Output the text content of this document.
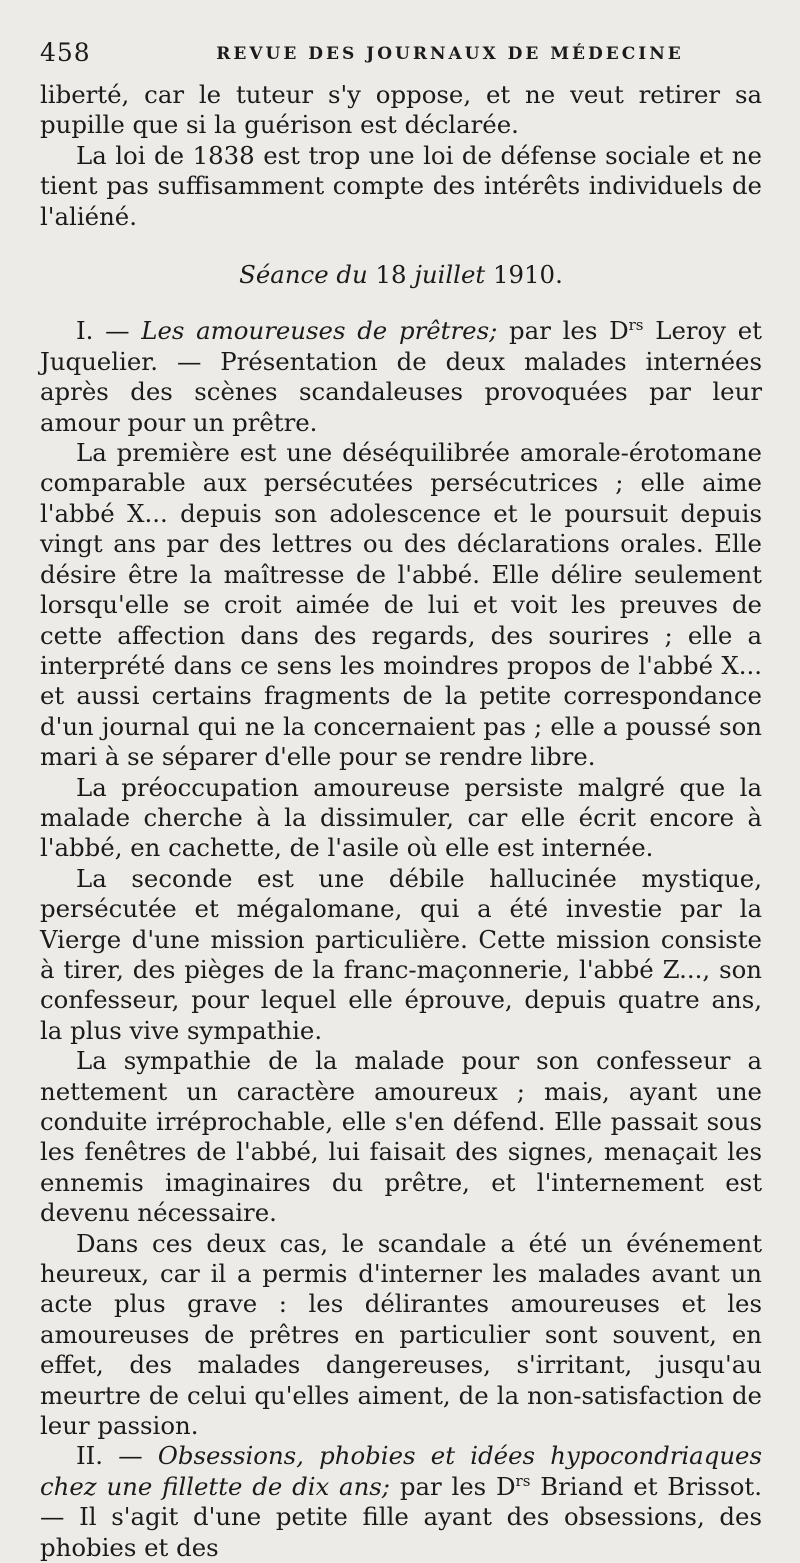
458	REVUE DES JOURNAUX DE MÉDECINE

liberté, car le tuteur s'y oppose, et ne veut retirer sa pupille que si la guérison est déclarée.

La loi de 1838 est trop une loi de défense sociale et ne tient pas suffisamment compte des intérêts individuels de l'aliéné.

Séance du 18 juillet 1910.

I. — Les amoureuses de prêtres; par les $D^{rs}$ Leroy et Juquelier. — Présentation de deux malades internées après des scènes scandaleuses provoquées par leur amour pour un prêtre.

La première est une déséquilibrée amorale-érotomane comparable aux persécutées persécutrices ; elle aime l'abbé X... depuis son adolescence et le poursuit depuis vingt ans par des lettres ou des déclarations orales. Elle désire être la maîtresse de l'abbé. Elle délire seulement lorsqu'elle se croit aimée de lui et voit les preuves de cette affection dans des regards, des sourires ; elle a interprété dans ce sens les moindres propos de l'abbé X... et aussi certains fragments de la petite correspondance d'un journal qui ne la concernaient pas ; elle a poussé son mari à se séparer d'elle pour se rendre libre.

La préoccupation amoureuse persiste malgré que la malade cherche à la dissimuler, car elle écrit encore à l'abbé, en cachette, de l'asile où elle est internée.

La seconde est une débile hallucinée mystique, persécutée et mégalomane, qui a été investie par la Vierge d'une mission particulière. Cette mission consiste à tirer, des pièges de la franc-maçonnerie, l'abbé Z..., son confesseur, pour lequel elle éprouve, depuis quatre ans, la plus vive sympathie.

La sympathie de la malade pour son confesseur a nettement un caractère amoureux ; mais, ayant une conduite irréprochable, elle s'en défend. Elle passait sous les fenêtres de l'abbé, lui faisait des signes, menaçait les ennemis imaginaires du prêtre, et l'internement est devenu nécessaire.

Dans ces deux cas, le scandale a été un événement heureux, car il a permis d'interner les malades avant un acte plus grave : les délirantes amoureuses et les amoureuses de prêtres en particulier sont souvent, en effet, des malades dangereuses, s'irritant, jusqu'au meurtre de celui qu'elles aiment, de la non-satisfaction de leur passion.

II. — Obsessions, phobies et idées hypocondriaques chez une fillette de dix ans; par les $D^{rs}$ Briand et Brissot. — Il s'agit d'une petite fille ayant des obsessions, des phobies et des
